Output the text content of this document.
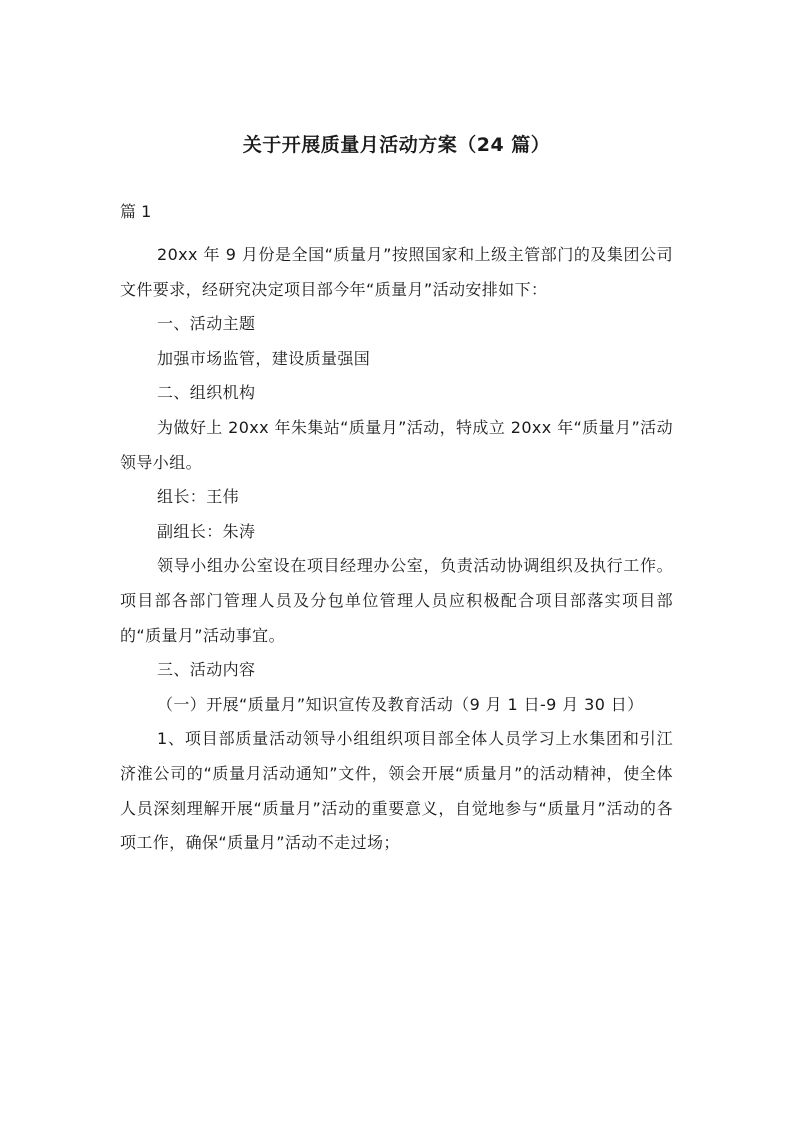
关于开展质量月活动方案（24 篇）
篇 1

20xx 年 9 月份是全国“质量月”按照国家和上级主管部门的及集团公司文件要求，经研究决定项目部今年“质量月”活动安排如下：

一、活动主题

加强市场监管，建设质量强国

二、组织机构

为做好上 20xx 年朱集站“质量月”活动，特成立 20xx 年“质量月”活动领导小组。

组长：王伟

副组长：朱涛

领导小组办公室设在项目经理办公室，负责活动协调组织及执行工作。项目部各部门管理人员及分包单位管理人员应积极配合项目部落实项目部的“质量月”活动事宜。

三、活动内容

（一）开展“质量月”知识宣传及教育活动（9 月 1 日-9 月 30 日）

1、项目部质量活动领导小组组织项目部全体人员学习上水集团和引江济淮公司的“质量月活动通知”文件，领会开展“质量月”的活动精神，使全体人员深刻理解开展“质量月”活动的重要意义，自觉地参与“质量月”活动的各项工作，确保“质量月”活动不走过场；
